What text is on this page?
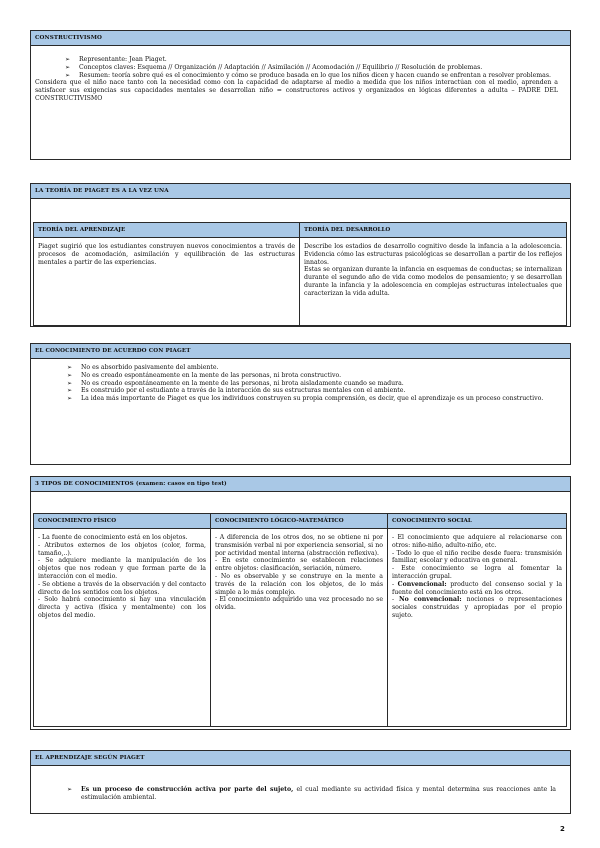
CONSTRUCTIVISMO
➢ Representante: Jean Piaget.
➢ Conceptos claves: Esquema // Organización // Adaptación // Asimilación // Acomodación // Equilibrio // Resolución de problemas.
➢ Resumen: teoría sobre qué es el conocimiento y cómo se produce basada en lo que los niños dicen y hacen cuando se enfrentan a resolver problemas.
Considera que el niño nace tanto con la necesidad como con la capacidad de adaptarse al medio a medida que los niños interactúan con el medio, aprenden a satisfacer sus exigencias sus capacidades mentales se desarrollan niño = constructores activos y organizados en lógicas diferentes a adulta – PADRE DEL CONSTRUCTIVISMO
LA TEORÍA DE PIAGET ES A LA VEZ UNA
TEORÍA DEL APRENDIZAJE
Piaget sugirió que los estudiantes construyen nuevos conocimientos a través de procesos de acomodación, asimilación y equilibración de las estructuras mentales a partir de las experiencias.
TEORÍA DEL DESARROLLO
Describe los estadios de desarrollo cognitivo desde la infancia a la adolescencia. Evidencia cómo las estructuras psicológicas se desarrollan a partir de los reflejos innatos.
Estas se organizan durante la infancia en esquemas de conductas; se internalizan durante el segundo año de vida como modelos de pensamiento; y se desarrollan durante la infancia y la adolescencia en complejas estructuras intelectuales que caracterizan la vida adulta.
EL CONOCIMIENTO DE ACUERDO CON PIAGET
➢ No es absorbido pasivamente del ambiente.
➢ No es creado espontáneamente en la mente de las personas, ni brota constructivo.
➢ No es creado espontáneamente en la mente de las personas, ni brota aisladamente cuando se madura.
➢ Es construido por el estudiante a través de la interacción de sus estructuras mentales con el ambiente.
➢ La idea más importante de Piaget es que los individuos construyen su propia comprensión, es decir, que el aprendizaje es un proceso constructivo.
3 TIPOS DE CONOCIMIENTOS (examen: casos en tipo test)
CONOCIMIENTO FÍSICO
- La fuente de conocimiento está en los objetos.
- Atributos externos de los objetos (color, forma, tamaño,..).
- Se adquiere mediante la manipulación de los objetos que nos rodean y que forman parte de la interacción con el medio.
- Se obtiene a través de la observación y del contacto directo de los sentidos con los objetos.
- Solo habrá conocimiento si hay una vinculación directa y activa (física y mentalmente) con los objetos del medio.
CONOCIMIENTO LÓGICO-MATEMÁTICO
- A diferencia de los otros dos, no se obtiene ni por transmisión verbal ni por experiencia sensorial, si no por actividad mental interna (abstracción reflexiva).
- En este conocimiento se establecen relaciones entre objetos: clasificación, seriación, número.
- No es observable y se construye en la mente a través de la relación con los objetos, de lo más simple a lo más complejo.
- El conocimiento adquirido una vez procesado no se olvida.
CONOCIMIENTO SOCIAL
- El conocimiento que adquiere al relacionarse con otros: niño-niño, adulto-niño, etc.
- Todo lo que el niño recibe desde fuera: transmisión familiar, escolar y educativa en general.
- Este conocimiento se logra al fomentar la interacción grupal.
- Convencional: producto del consenso social y la fuente del conocimiento está en los otros.
- No convencional: nociones o representaciones sociales construidas y apropiadas por el propio sujeto.
EL APRENDIZAJE SEGÚN PIAGET
➢ Es un proceso de construcción activa por parte del sujeto, el cual mediante su actividad física y mental determina sus reacciones ante la estimulación ambiental.
2
